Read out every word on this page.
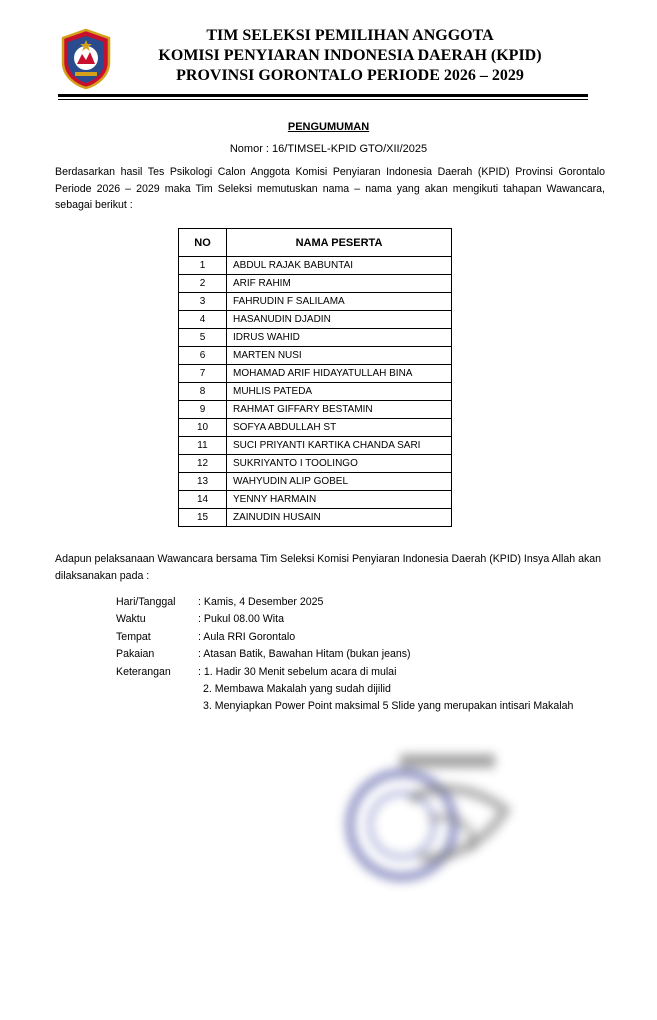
TIM SELEKSI PEMILIHAN ANGGOTA
KOMISI PENYIARAN INDONESIA DAERAH (KPID)
PROVINSI GORONTALO PERIODE 2026 – 2029
PENGUMUMAN
Nomor : 16/TIMSEL-KPID GTO/XII/2025
Berdasarkan hasil Tes Psikologi Calon Anggota Komisi Penyiaran Indonesia Daerah (KPID) Provinsi Gorontalo Periode 2026 – 2029 maka Tim Seleksi memutuskan nama – nama yang akan mengikuti tahapan Wawancara, sebagai berikut :
NO	NAMA PESERTA
1	ABDUL RAJAK BABUNTAI
2	ARIF RAHIM
3	FAHRUDIN F SALILAMA
4	HASANUDIN DJADIN
5	IDRUS WAHID
6	MARTEN NUSI
7	MOHAMAD ARIF HIDAYATULLAH BINA
8	MUHLIS PATEDA
9	RAHMAT GIFFARY BESTAMIN
10	SOFYA ABDULLAH ST
11	SUCI PRIYANTI KARTIKA CHANDA SARI
12	SUKRIYANTO I TOOLINGO
13	WAHYUDIN ALIP GOBEL
14	YENNY HARMAIN
15	ZAINUDIN HUSAIN
Adapun pelaksanaan Wawancara bersama Tim Seleksi Komisi Penyiaran Indonesia Daerah (KPID) Insya Allah akan dilaksanakan pada :
Hari/Tanggal	: Kamis, 4 Desember 2025
Waktu	: Pukul 08.00 Wita
Tempat	: Aula RRI Gorontalo
Pakaian	: Atasan Batik, Bawahan Hitam (bukan jeans)
Keterangan	: 1. Hadir 30 Menit sebelum acara di mulai
2. Membawa Makalah yang sudah dijilid
3. Menyiapkan Power Point maksimal 5 Slide yang merupakan intisari Makalah
